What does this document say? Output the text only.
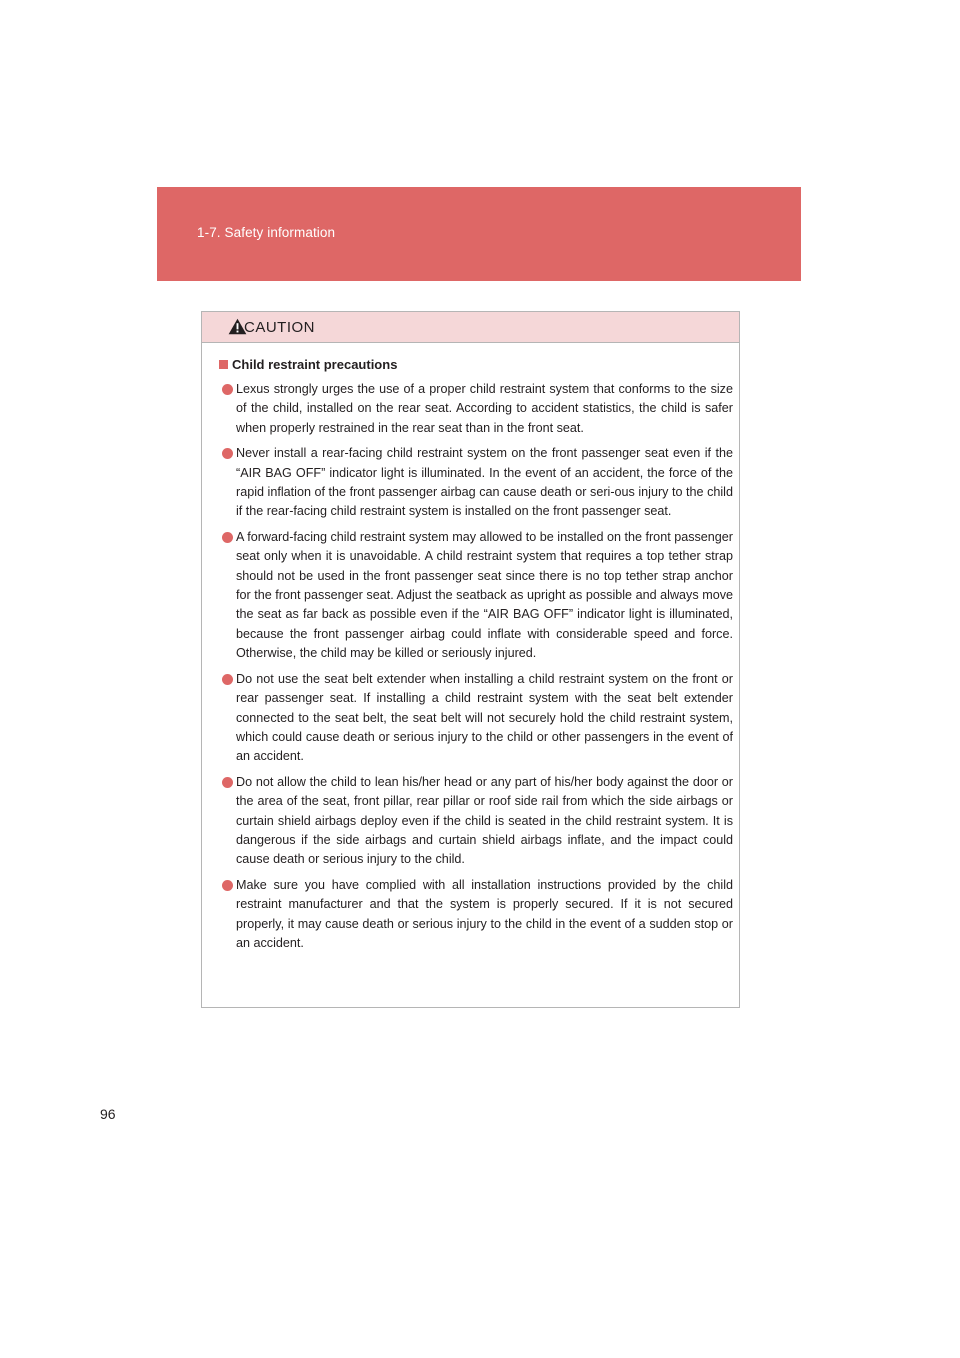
1-7. Safety information
CAUTION
Child restraint precautions
Lexus strongly urges the use of a proper child restraint system that conforms to the size of the child, installed on the rear seat. According to accident statistics, the child is safer when properly restrained in the rear seat than in the front seat.
Never install a rear-facing child restraint system on the front passenger seat even if the “AIR BAG OFF” indicator light is illuminated. In the event of an accident, the force of the rapid inflation of the front passenger airbag can cause death or seri-ous injury to the child if the rear-facing child restraint system is installed on the front passenger seat.
A forward-facing child restraint system may allowed to be installed on the front passenger seat only when it is unavoidable. A child restraint system that requires a top tether strap should not be used in the front passenger seat since there is no top tether strap anchor for the front passenger seat. Adjust the seatback as upright as possible and always move the seat as far back as possible even if the “AIR BAG OFF” indicator light is illuminated, because the front passenger airbag could inflate with considerable speed and force. Otherwise, the child may be killed or seriously injured.
Do not use the seat belt extender when installing a child restraint system on the front or rear passenger seat. If installing a child restraint system with the seat belt extender connected to the seat belt, the seat belt will not securely hold the child restraint system, which could cause death or serious injury to the child or other passengers in the event of an accident.
Do not allow the child to lean his/her head or any part of his/her body against the door or the area of the seat, front pillar, rear pillar or roof side rail from which the side airbags or curtain shield airbags deploy even if the child is seated in the child restraint system. It is dangerous if the side airbags and curtain shield airbags inflate, and the impact could cause death or serious injury to the child.
Make sure you have complied with all installation instructions provided by the child restraint manufacturer and that the system is properly secured. If it is not secured properly, it may cause death or serious injury to the child in the event of a sudden stop or an accident.
96
